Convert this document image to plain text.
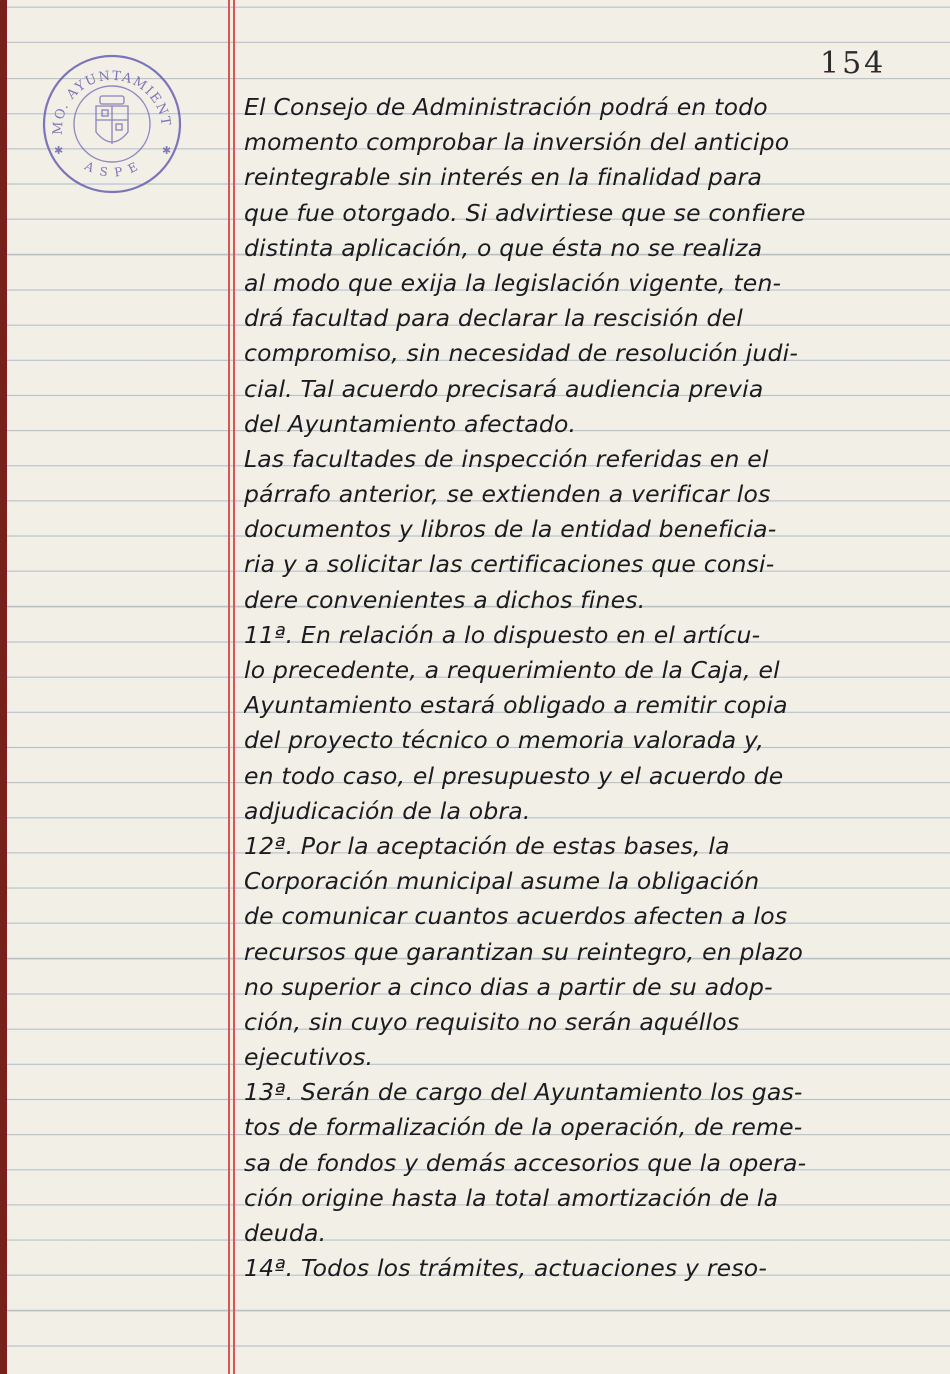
MO. AYUNTAMIENT
A S P E
✱	✱
154
El Consejo de Administración podrá en todo
momento comprobar la inversión del anticipo
reintegrable sin interés en la finalidad para
que fue otorgado. Si advirtiese que se confiere
distinta aplicación, o que ésta no se realiza
al modo que exija la legislación vigente, ten-
drá facultad para declarar la rescisión del
compromiso, sin necesidad de resolución judi-
cial. Tal acuerdo precisará audiencia previa
del Ayuntamiento afectado.
Las facultades de inspección referidas en el
párrafo anterior, se extienden a verificar los
documentos y libros de la entidad beneficia-
ria y a solicitar las certificaciones que consi-
dere convenientes a dichos fines.
11ª. En relación a lo dispuesto en el artícu-
lo precedente, a requerimiento de la Caja, el
Ayuntamiento estará obligado a remitir copia
del proyecto técnico o memoria valorada y,
en todo caso, el presupuesto y el acuerdo de
adjudicación de la obra.
12ª. Por la aceptación de estas bases, la
Corporación municipal asume la obligación
de comunicar cuantos acuerdos afecten a los
recursos que garantizan su reintegro, en plazo
no superior a cinco dias a partir de su adop-
ción, sin cuyo requisito no serán aquéllos
ejecutivos.
13ª. Serán de cargo del Ayuntamiento los gas-
tos de formalización de la operación, de reme-
sa de fondos y demás accesorios que la opera-
ción origine hasta la total amortización de la
deuda.
14ª. Todos los trámites, actuaciones y reso-
